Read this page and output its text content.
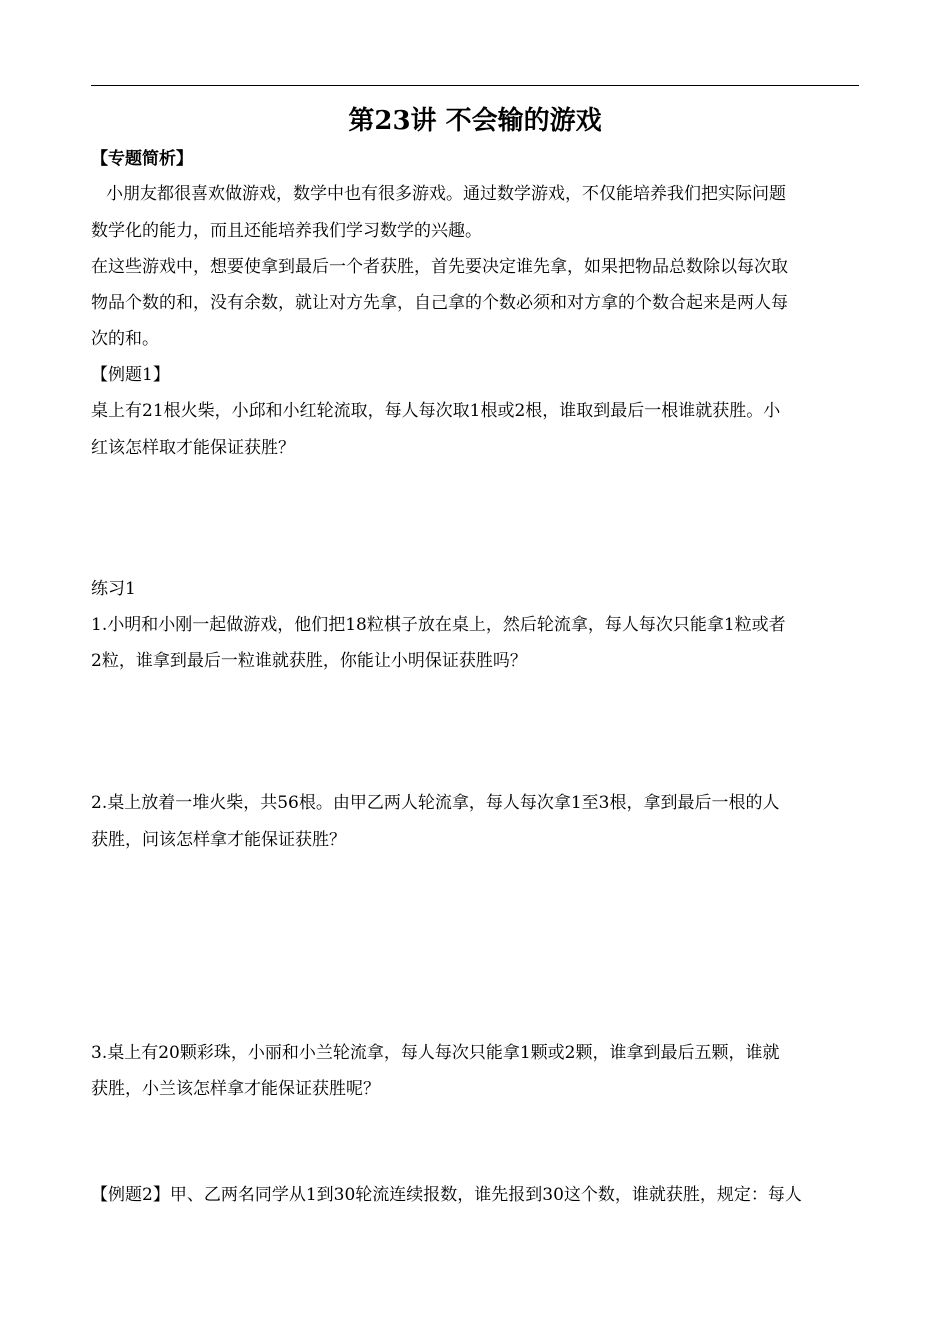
第23讲 不会输的游戏
【专题简析】
小朋友都很喜欢做游戏，数学中也有很多游戏。通过数学游戏，不仅能培养我们把实际问题
数学化的能力，而且还能培养我们学习数学的兴趣。
在这些游戏中，想要使拿到最后一个者获胜，首先要决定谁先拿，如果把物品总数除以每次取
物品个数的和，没有余数，就让对方先拿，自己拿的个数必须和对方拿的个数合起来是两人每
次的和。
【例题1】
桌上有21根火柴，小邱和小红轮流取，每人每次取1根或2根，谁取到最后一根谁就获胜。小
红该怎样取才能保证获胜？
练习1
1.小明和小刚一起做游戏，他们把18粒棋子放在桌上，然后轮流拿，每人每次只能拿1粒或者
2粒，谁拿到最后一粒谁就获胜，你能让小明保证获胜吗？
2.桌上放着一堆火柴，共56根。由甲乙两人轮流拿，每人每次拿1至3根，拿到最后一根的人
获胜，问该怎样拿才能保证获胜？
3.桌上有20颗彩珠，小丽和小兰轮流拿，每人每次只能拿1颗或2颗，谁拿到最后五颗，谁就
获胜，小兰该怎样拿才能保证获胜呢？
【例题2】甲、乙两名同学从1到30轮流连续报数，谁先报到30这个数，谁就获胜，规定：每人
